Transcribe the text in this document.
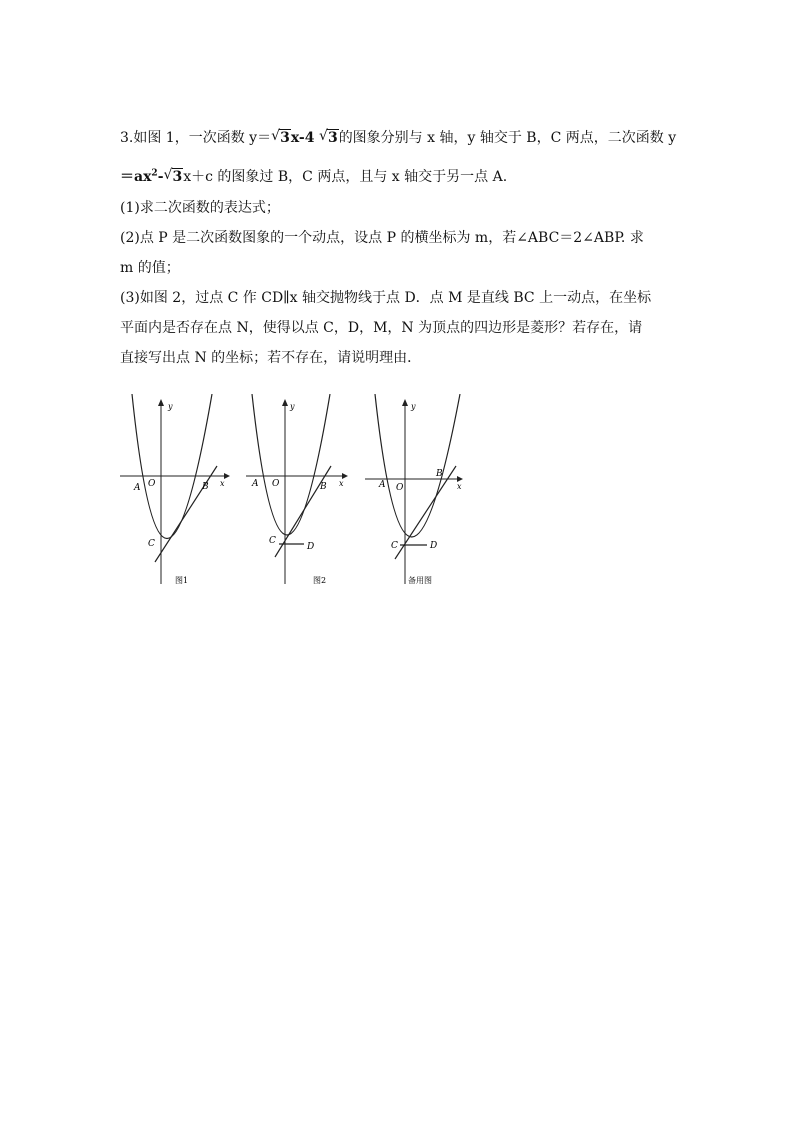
3.如图 1，一次函数 y＝√ 3x-4 √ 3的图象分别与 x 轴，y 轴交于 B，C 两点，二次函数 y
$=ax^2-√$ 3x＋c 的图象过 B，C 两点，且与 x 轴交于另一点 A.
(1)求二次函数的表达式；
(2)点 P 是二次函数图象的一个动点，设点 P 的横坐标为 m，若∠ABC＝2∠ABP. 求
m 的值；
(3)如图 2，过点 C 作 CD∥x 轴交抛物线于点 D．点 M 是直线 BC 上一动点，在坐标
平面内是否存在点 N，使得以点 C，D，M，N 为顶点的四边形是菱形？若存在，请
直接写出点 N 的坐标；若不存在，请说明理由．
A O	B
C
y
x
图1
A O	B
C
D
y
x
图2
A O
B
C	D
y
x
备用图
